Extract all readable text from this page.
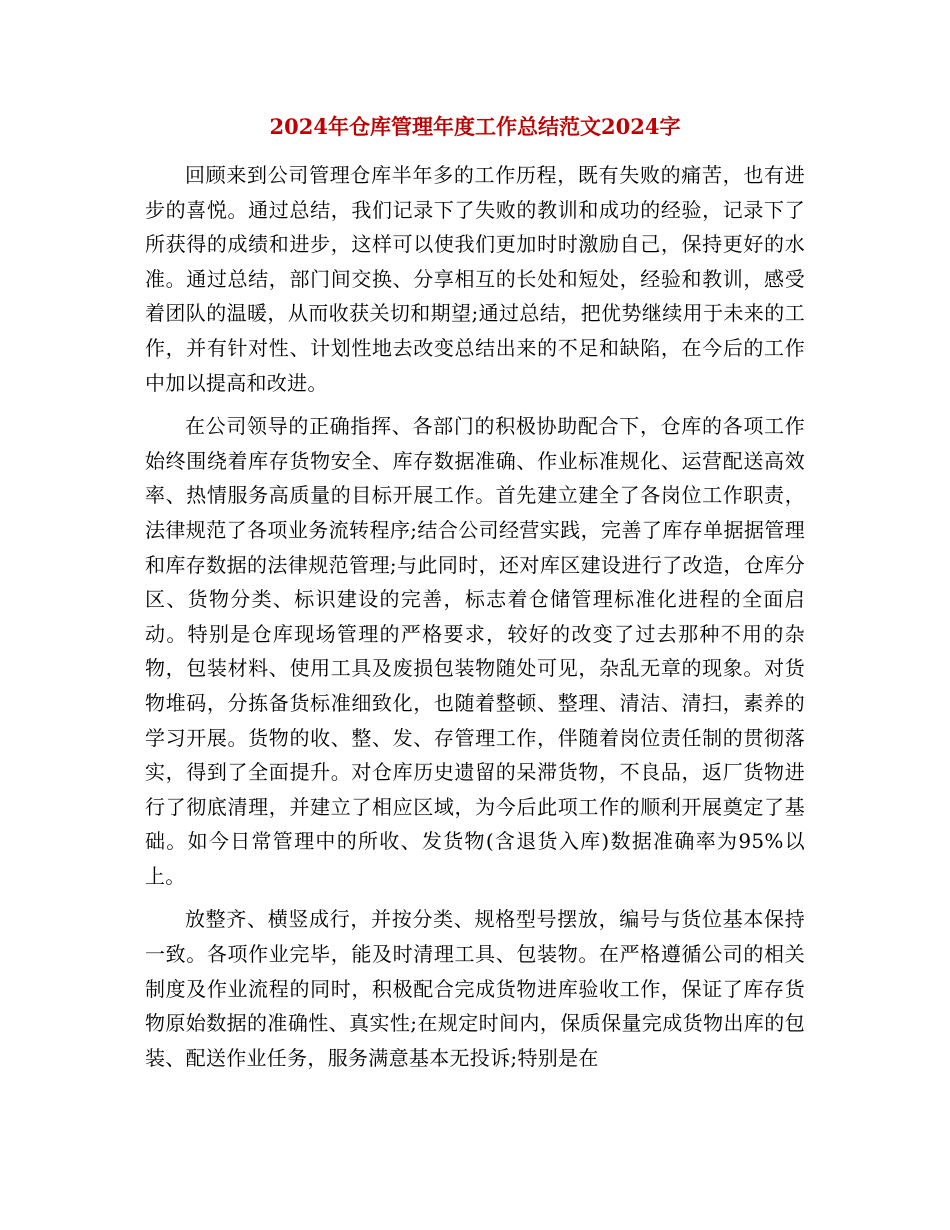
2024年仓库管理年度工作总结范文2024字

回顾来到公司管理仓库半年多的工作历程，既有失败的痛苦，也有进步的喜悦。通过总结，我们记录下了失败的教训和成功的经验，记录下了所获得的成绩和进步，这样可以使我们更加时时激励自己，保持更好的水准。通过总结，部门间交换、分享相互的长处和短处，经验和教训，感受着团队的温暖，从而收获关切和期望;通过总结，把优势继续用于未来的工作，并有针对性、计划性地去改变总结出来的不足和缺陷，在今后的工作中加以提高和改进。

在公司领导的正确指挥、各部门的积极协助配合下，仓库的各项工作始终围绕着库存货物安全、库存数据准确、作业标准规化、运营配送高效率、热情服务高质量的目标开展工作。首先建立建全了各岗位工作职责，法律规范了各项业务流转程序;结合公司经营实践，完善了库存单据据管理和库存数据的法律规范管理;与此同时，还对库区建设进行了改造，仓库分区、货物分类、标识建设的完善，标志着仓储管理标准化进程的全面启动。特别是仓库现场管理的严格要求，较好的改变了过去那种不用的杂物，包装材料、使用工具及废损包装物随处可见，杂乱无章的现象。对货物堆码，分拣备货标准细致化，也随着整顿、整理、清洁、清扫，素养的学习开展。货物的收、整、发、存管理工作，伴随着岗位责任制的贯彻落实，得到了全面提升。对仓库历史遗留的呆滞货物，不良品，返厂货物进行了彻底清理，并建立了相应区域，为今后此项工作的顺利开展奠定了基础。如今日常管理中的所收、发货物(含退货入库)数据准确率为95%以上。

放整齐、横竖成行，并按分类、规格型号摆放，编号与货位基本保持一致。各项作业完毕，能及时清理工具、包装物。在严格遵循公司的相关制度及作业流程的同时，积极配合完成货物进库验收工作，保证了库存货物原始数据的准确性、真实性;在规定时间内，保质保量完成货物出库的包装、配送作业任务，服务满意基本无投诉;特别是在
